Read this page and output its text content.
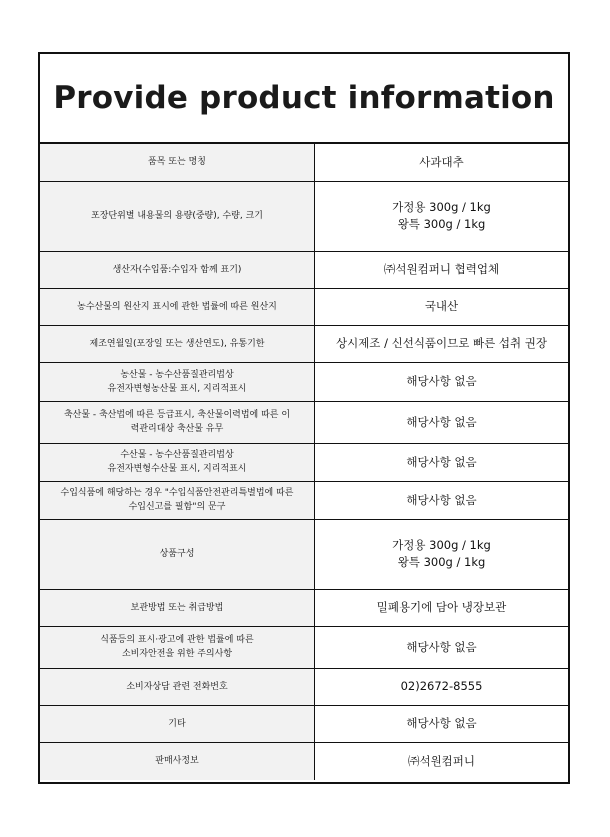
Provide product information
품목 또는 명칭	사과대추
포장단위별 내용물의 용량(중량), 수량, 크기	가정용 300g / 1kg
왕특 300g / 1kg
생산자(수입품:수입자 함께 표기)	㈜석원컴퍼니 협력업체
농수산물의 원산지 표시에 관한 법률에 따른 원산지	국내산
제조연월일(포장일 또는 생산연도), 유통기한	상시제조 / 신선식품이므로 빠른 섭취 권장
농산물 - 농수산품질관리법상
유전자변형농산물 표시, 지리적표시	해당사항 없음
축산물 - 축산법에 따른 등급표시, 축산물이력법에 따른 이
력관리대상 축산물 유무	해당사항 없음
수산물 - 농수산품질관리법상
유전자변형수산물 표시, 지리적표시	해당사항 없음
수입식품에 해당하는 경우 "수입식품안전관리특별법에 따른
수입신고를 필함"의 문구	해당사항 없음
상품구성	가정용 300g / 1kg
왕특 300g / 1kg
보관방법 또는 취급방법	밀폐용기에 담아 냉장보관
식품등의 표시·광고에 관한 법률에 따른
소비자안전을 위한 주의사항	해당사항 없음
소비자상담 관련 전화번호	02)2672-8555
기타	해당사항 없음
판매사정보	㈜석원컴퍼니
